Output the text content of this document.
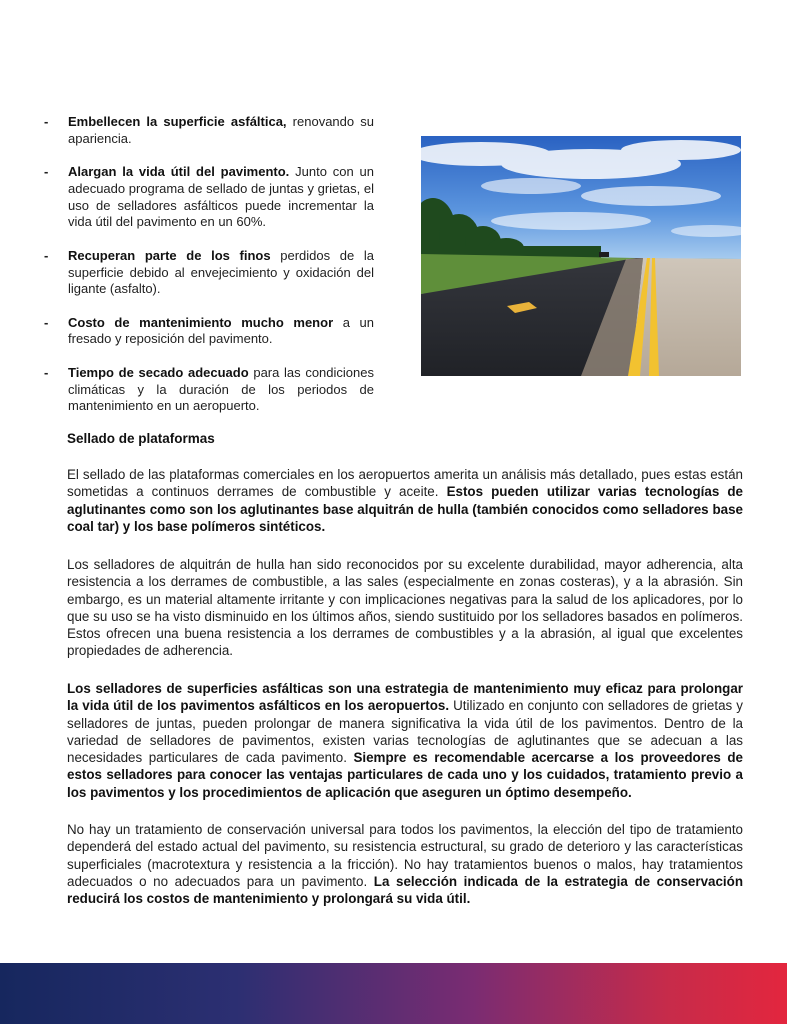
- Embellecen la superficie asfáltica, renovando su apariencia.
- Alargan la vida útil del pavimento. Junto con un adecuado programa de sellado de juntas y grietas, el uso de selladores asfálticos puede incrementar la vida útil del pavimento en un 60%.
- Recuperan parte de los finos perdidos de la superficie debido al envejecimiento y oxidación del ligante (asfalto).
- Costo de mantenimiento mucho menor a un fresado y reposición del pavimento.
- Tiempo de secado adecuado para las condiciones climáticas y la duración de los periodos de mantenimiento en un aeropuerto.
Sellado de plataformas

El sellado de las plataformas comerciales en los aeropuertos amerita un análisis más detallado, pues estas están sometidas a continuos derrames de combustible y aceite. Estos pueden utilizar varias tecnologías de aglutinantes como son los aglutinantes base alquitrán de hulla (también conocidos como selladores base coal tar) y los base polímeros sintéticos.

Los selladores de alquitrán de hulla han sido reconocidos por su excelente durabilidad, mayor adherencia, alta resistencia a los derrames de combustible, a las sales (especialmente en zonas costeras), y a la abrasión. Sin embargo, es un material altamente irritante y con implicaciones negativas para la salud de los aplicadores, por lo que su uso se ha visto disminuido en los últimos años, siendo sustituido por los selladores basados en polímeros. Estos ofrecen una buena resistencia a los derrames de combustibles y a la abrasión, al igual que excelentes propiedades de adherencia.

Los selladores de superficies asfálticas son una estrategia de mantenimiento muy eficaz para prolongar la vida útil de los pavimentos asfálticos en los aeropuertos. Utilizado en conjunto con selladores de grietas y selladores de juntas, pueden prolongar de manera significativa la vida útil de los pavimentos. Dentro de la variedad de selladores de pavimentos, existen varias tecnologías de aglutinantes que se adecuan a las necesidades particulares de cada pavimento. Siempre es recomendable acercarse a los proveedores de estos selladores para conocer las ventajas particulares de cada uno y los cuidados, tratamiento previo a los pavimentos y los procedimientos de aplicación que aseguren un óptimo desempeño.

No hay un tratamiento de conservación universal para todos los pavimentos, la elección del tipo de tratamiento dependerá del estado actual del pavimento, su resistencia estructural, su grado de deterioro y las características superficiales (macrotextura y resistencia a la fricción). No hay tratamientos buenos o malos, hay tratamientos adecuados o no adecuados para un pavimento. La selección indicada de la estrategia de conservación reducirá los costos de mantenimiento y prolongará su vida útil.
